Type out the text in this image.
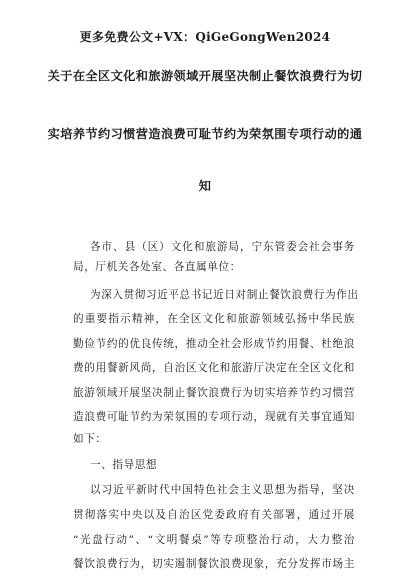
更多免费公文+VX：QiGeGongWen2024
关于在全区文化和旅游领域开展坚决制止餐饮浪费行为切
实培养节约习惯营造浪费可耻节约为荣氛围专项行动的通
知
各市、县（区）文化和旅游局，宁东管委会社会事务
局，厅机关各处室、各直属单位：
为深入贯彻习近平总书记近日对制止餐饮浪费行为作出
的重要指示精神，在全区文化和旅游领域弘扬中华民族
勤俭节约的优良传统，推动全社会形成节约用餐、杜绝浪
费的用餐新风尚，自治区文化和旅游厅决定在全区文化和
旅游领域开展坚决制止餐饮浪费行为切实培养节约习惯营
造浪费可耻节约为荣氛围的专项行动，现就有关事宜通知
如下：
一、指导思想
以习近平新时代中国特色社会主义思想为指导，坚决
贯彻落实中央以及自治区党委政府有关部署，通过开展
“光盘行动”、“文明餐桌”等专项整治行动，大力整治
餐饮浪费行为，切实遏制餐饮浪费现象，充分发挥市场主
